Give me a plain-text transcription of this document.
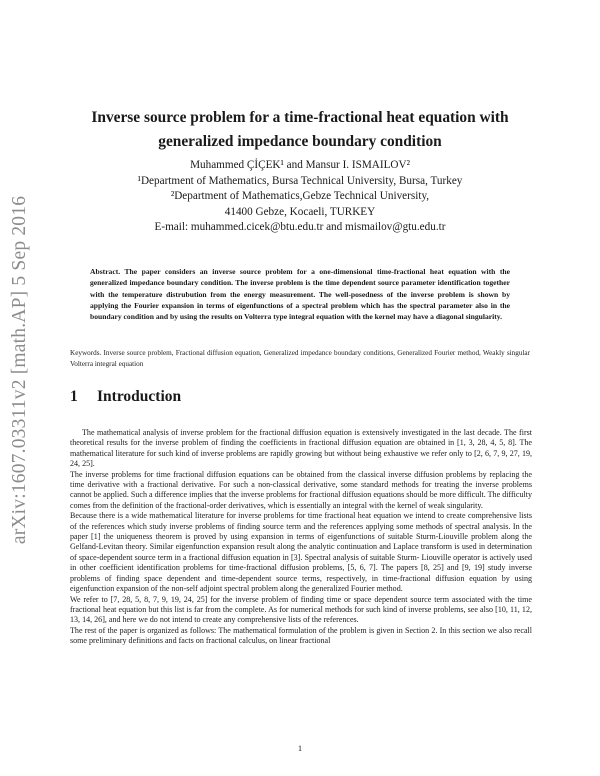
arXiv:1607.03311v2 [math.AP] 5 Sep 2016
Inverse source problem for a time-fractional heat equation with
generalized impedance boundary condition
Muhammed ÇİÇEK¹ and Mansur I. ISMAILOV²
¹Department of Mathematics, Bursa Technical University, Bursa, Turkey
²Department of Mathematics,Gebze Technical University,
41400 Gebze, Kocaeli, TURKEY
E-mail: muhammed.cicek@btu.edu.tr and mismailov@gtu.edu.tr
Abstract. The paper considers an inverse source problem for a one-dimensional time-fractional heat equation with the generalized impedance boundary condition. The inverse problem is the time dependent source parameter identification together with the temperature distrubution from the energy measurement. The well-posedness of the inverse problem is shown by applying the Fourier expansion in terms of eigenfunctions of a spectral problem which has the spectral parameter also in the boundary condition and by using the results on Volterra type integral equation with the kernel may have a diagonal singularity.
Keywords. Inverse source problem, Fractional diffusion equation, Generalized impedance boundary conditions, Generalized Fourier method, Weakly singular Volterra integral equation
1 Introduction

The mathematical analysis of inverse problem for the fractional diffusion equation is extensively investigated in the last decade. The first theoretical results for the inverse problem of finding the coefficients in fractional diffusion equation are obtained in [1, 3, 28, 4, 5, 8]. The mathematical literature for such kind of inverse problems are rapidly growing but without being exhaustive we refer only to [2, 6, 7, 9, 27, 19, 24, 25].

The inverse problems for time fractional diffusion equations can be obtained from the classical inverse diffusion problems by replacing the time derivative with a fractional derivative. For such a non-classical derivative, some standard methods for treating the inverse problems cannot be applied. Such a difference implies that the inverse problems for fractional diffusion equations should be more difficult. The difficulty comes from the definition of the fractional-order derivatives, which is essentially an integral with the kernel of weak singularity.

Because there is a wide mathematical literature for inverse problems for time fractional heat equation we intend to create comprehensive lists of the references which study inverse problems of finding source term and the references applying some methods of spectral analysis. In the paper [1] the uniqueness theorem is proved by using expansion in terms of eigenfunctions of suitable Sturm-Liouville problem along the Gelfand-Levitan theory. Similar eigenfunction expansion result along the analytic continuation and Laplace transform is used in determination of space-dependent source term in a fractional diffusion equation in [3]. Spectral analysis of suitable Sturm- Liouville operator is actively used in other coefficient identification problems for time-fractional diffusion problems, [5, 6, 7]. The papers [8, 25] and [9, 19] study inverse problems of finding space dependent and time-dependent source terms, respectively, in time-fractional diffusion equation by using eigenfunction expansion of the non-self adjoint spectral problem along the generalized Fourier method.

We refer to [7, 28, 5, 8, 7, 9, 19, 24, 25] for the inverse problem of finding time or space dependent source term associated with the time fractional heat equation but this list is far from the complete. As for numerical methods for such kind of inverse problems, see also [10, 11, 12, 13, 14, 26], and here we do not intend to create any comprehensive lists of the references.

The rest of the paper is organized as follows: The mathematical formulation of the problem is given in Section 2. In this section we also recall some preliminary definitions and facts on fractional calculus, on linear fractional

1
